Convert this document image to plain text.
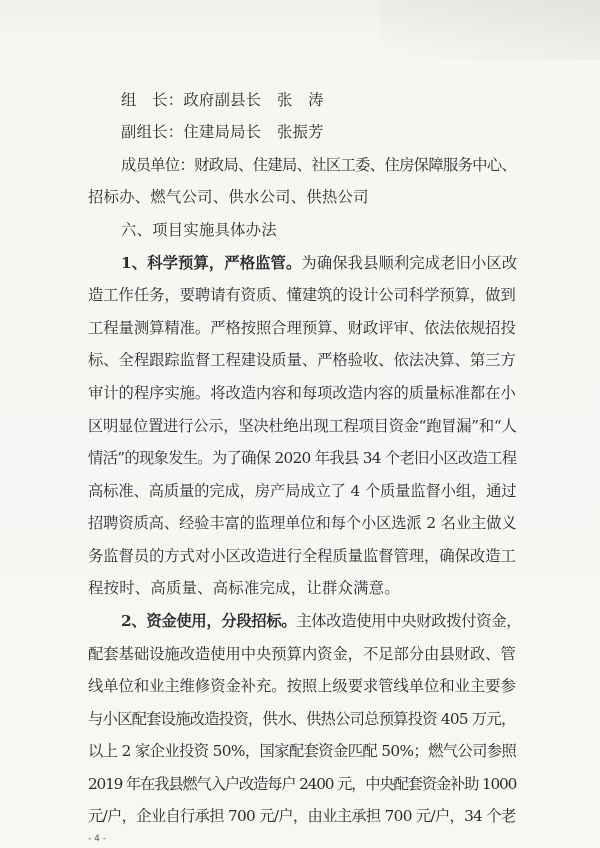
组　长：政府副县长　张　涛
副组长：住建局局长　张振芳
成员单位：财政局、住建局、社区工委、住房保障服务中心、
招标办、燃气公司、供水公司、供热公司
六、项目实施具体办法
1、科学预算，严格监管。为确保我县顺利完成老旧小区改
造工作任务，要聘请有资质、懂建筑的设计公司科学预算，做到
工程量测算精准。严格按照合理预算、财政评审、依法依规招投
标、全程跟踪监督工程建设质量、严格验收、依法决算、第三方
审计的程序实施。将改造内容和每项改造内容的质量标准都在小
区明显位置进行公示，坚决杜绝出现工程项目资金“跑冒漏”和“人
情活”的现象发生。为了确保 2020 年我县 34 个老旧小区改造工程
高标准、高质量的完成，房产局成立了 4 个质量监督小组，通过
招聘资质高、经验丰富的监理单位和每个小区选派 2 名业主做义
务监督员的方式对小区改造进行全程质量监督管理，确保改造工
程按时、高质量、高标准完成，让群众满意。
2、资金使用，分段招标。主体改造使用中央财政拨付资金，
配套基础设施改造使用中央预算内资金，不足部分由县财政、管
线单位和业主维修资金补充。按照上级要求管线单位和业主要参
与小区配套设施改造投资，供水、供热公司总预算投资 405 万元，
以上 2 家企业投资 50%，国家配套资金匹配 50%；燃气公司参照
2019 年在我县燃气入户改造每户 2400 元，中央配套资金补助 1000
元/户，企业自行承担 700 元/户，由业主承担 700 元/户，34 个老
- 4 -
